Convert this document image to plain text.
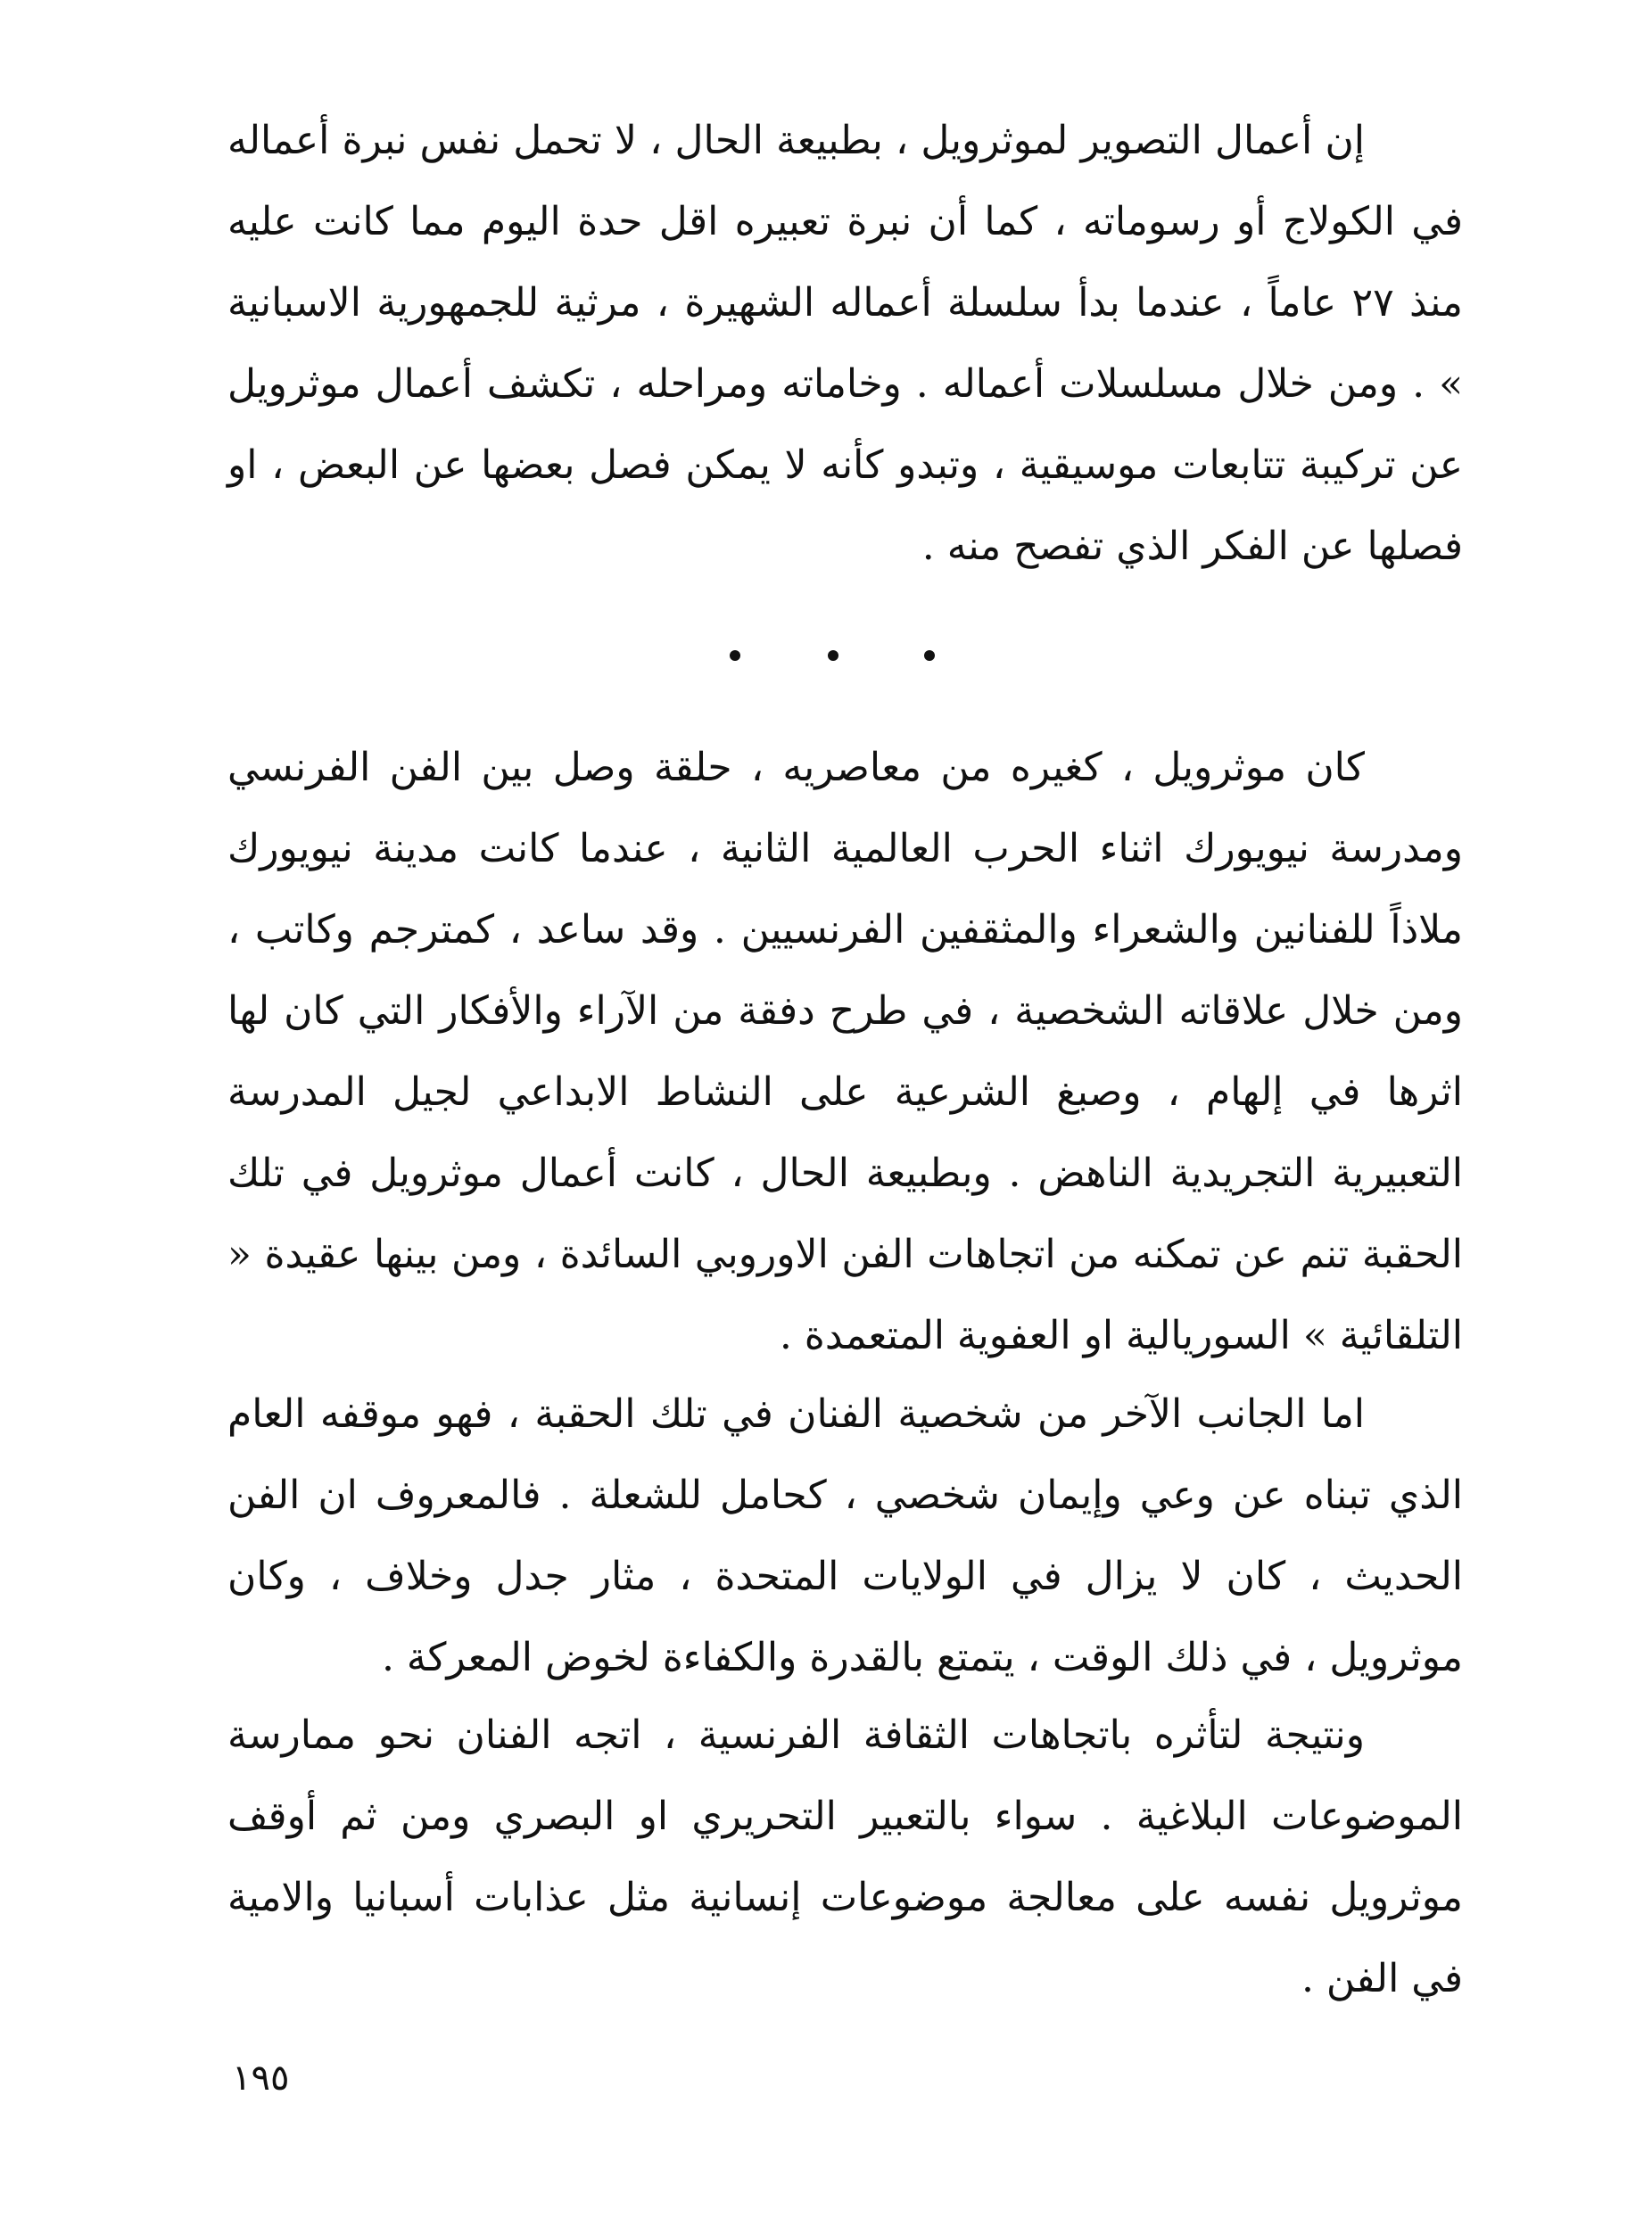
إن أعمال التصوير لموثرويل ، بطبيعة الحال ، لا تحمل نفس نبرة أعماله في الكولاج أو رسوماته ، كما أن نبرة تعبيره اقل حدة اليوم مما كانت عليه منذ ٢٧ عاماً ، عندما بدأ سلسلة أعماله الشهيرة ، مرثية للجمهورية الاسبانية » . ومن خلال مسلسلات أعماله . وخاماته ومراحله ، تكشف أعمال موثرويل عن تركيبة تتابعات موسيقية ، وتبدو كأنه لا يمكن فصل بعضها عن البعض ، او فصلها عن الفكر الذي تفصح منه .

كان موثرويل ، كغيره من معاصريه ، حلقة وصل بين الفن الفرنسي ومدرسة نيويورك اثناء الحرب العالمية الثانية ، عندما كانت مدينة نيويورك ملاذاً للفنانين والشعراء والمثقفين الفرنسيين . وقد ساعد ، كمترجم وكاتب ، ومن خلال علاقاته الشخصية ، في طرح دفقة من الآراء والأفكار التي كان لها اثرها في إلهام ، وصبغ الشرعية على النشاط الابداعي لجيل المدرسة التعبيرية التجريدية الناهض . وبطبيعة الحال ، كانت أعمال موثرويل في تلك الحقبة تنم عن تمكنه من اتجاهات الفن الاوروبي السائدة ، ومن بينها عقيدة « التلقائية » السوريالية او العفوية المتعمدة .

اما الجانب الآخر من شخصية الفنان في تلك الحقبة ، فهو موقفه العام الذي تبناه عن وعي وإيمان شخصي ، كحامل للشعلة . فالمعروف ان الفن الحديث ، كان لا يزال في الولايات المتحدة ، مثار جدل وخلاف ، وكان موثرويل ، في ذلك الوقت ، يتمتع بالقدرة والكفاءة لخوض المعركة .

ونتيجة لتأثره باتجاهات الثقافة الفرنسية ، اتجه الفنان نحو ممارسة الموضوعات البلاغية . سواء بالتعبير التحريري او البصري ومن ثم أوقف موثرويل نفسه على معالجة موضوعات إنسانية مثل عذابات أسبانيا والامية في الفن .

١٩٥
